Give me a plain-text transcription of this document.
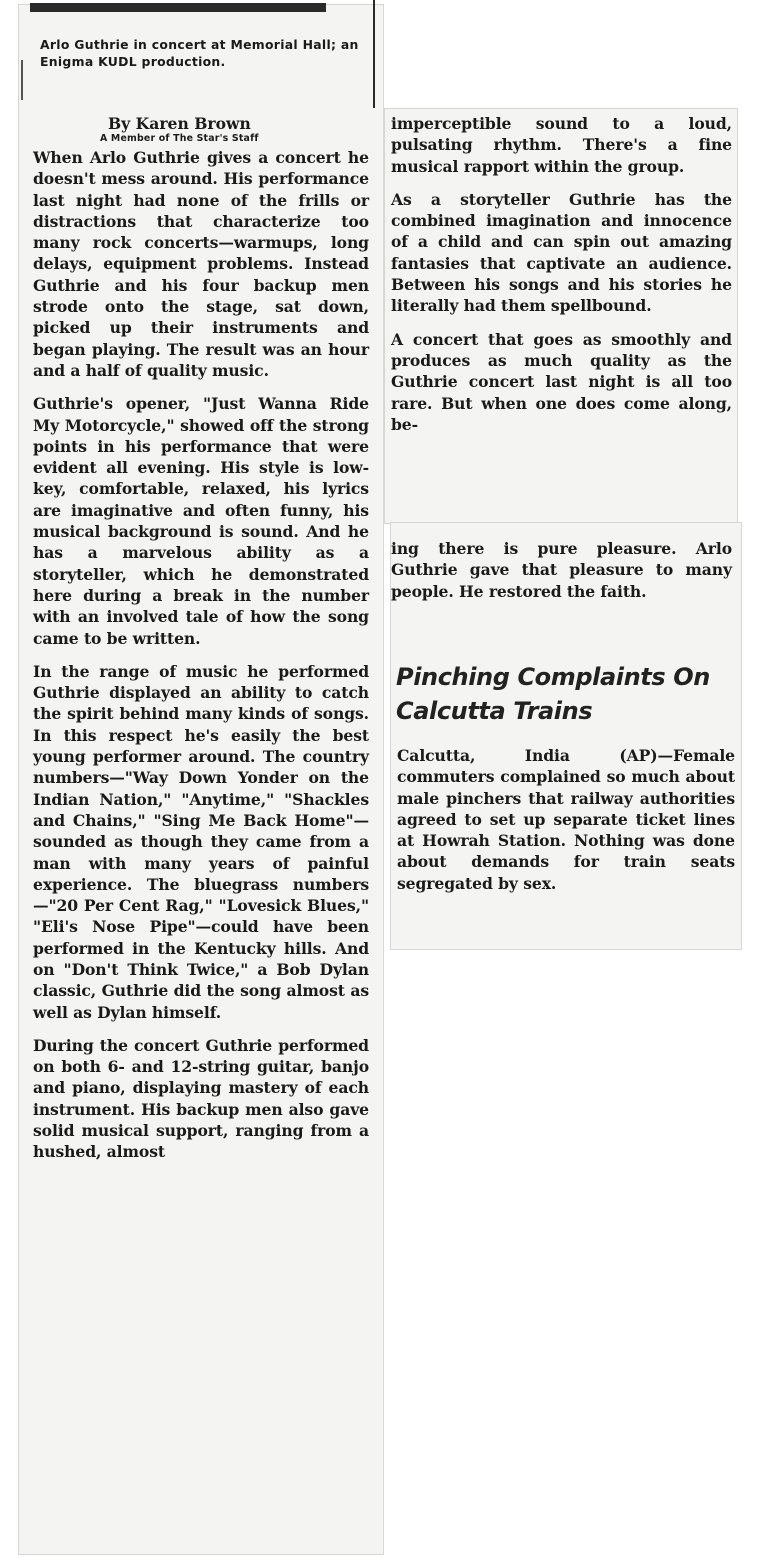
Arlo Guthrie in concert at Memorial Hall; an Enigma KUDL production.
By Karen Brown
A Member of The Star's Staff

When Arlo Guthrie gives a concert he doesn't mess around. His performance last night had none of the frills or distractions that characterize too many rock concerts—warmups, long delays, equipment problems. Instead Guthrie and his four backup men strode onto the stage, sat down, picked up their instruments and began playing. The result was an hour and a half of quality music.

Guthrie's opener, "Just Wanna Ride My Motorcycle," showed off the strong points in his performance that were evident all evening. His style is low-key, comfortable, relaxed, his lyrics are imaginative and often funny, his musical background is sound. And he has a marvelous ability as a storyteller, which he demonstrated here during a break in the number with an involved tale of how the song came to be written.

In the range of music he performed Guthrie displayed an ability to catch the spirit behind many kinds of songs. In this respect he's easily the best young performer around. The country numbers—"Way Down Yonder on the Indian Nation," "Anytime," "Shackles and Chains," "Sing Me Back Home"—sounded as though they came from a man with many years of painful experience. The bluegrass numbers—"20 Per Cent Rag," "Lovesick Blues," "Eli's Nose Pipe"—could have been performed in the Kentucky hills. And on "Don't Think Twice," a Bob Dylan classic, Guthrie did the song almost as well as Dylan himself.

During the concert Guthrie performed on both 6- and 12-string guitar, banjo and piano, displaying mastery of each instrument. His backup men also gave solid musical support, ranging from a hushed, almost

imperceptible sound to a loud, pulsating rhythm. There's a fine musical rapport within the group.

As a storyteller Guthrie has the combined imagination and innocence of a child and can spin out amazing fantasies that captivate an audience. Between his songs and his stories he literally had them spellbound.

A concert that goes as smoothly and produces as much quality as the Guthrie concert last night is all too rare. But when one does come along, be-

ing there is pure pleasure. Arlo Guthrie gave that pleasure to many people. He restored the faith.

Pinching Complaints On Calcutta Trains

Calcutta, India (AP)—Female commuters complained so much about male pinchers that railway authorities agreed to set up separate ticket lines at Howrah Station. Nothing was done about demands for train seats segregated by sex.
